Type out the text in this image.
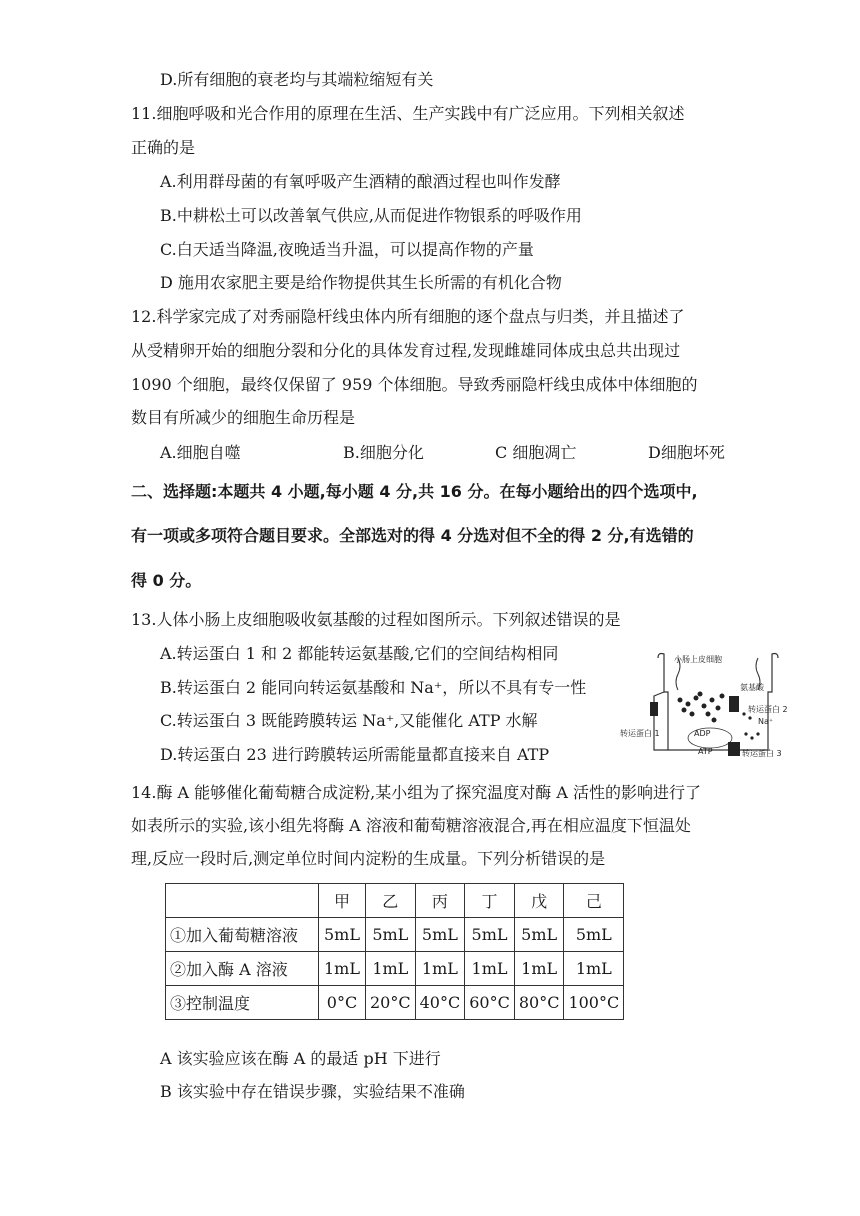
D.所有细胞的衰老均与其端粒缩短有关
11.细胞呼吸和光合作用的原理在生活、生产实践中有广泛应用。下列相关叙述
正确的是
A.利用群母菌的有氧呼吸产生酒精的酿酒过程也叫作发酵
B.中耕松土可以改善氧气供应,从而促进作物银系的呼吸作用
C.白天适当降温,夜晚适当升温，可以提高作物的产量
D 施用农家肥主要是给作物提供其生长所需的有机化合物
12.科学家完成了对秀丽隐杆线虫体内所有细胞的逐个盘点与归类，并且描述了
从受精卵开始的细胞分裂和分化的具体发育过程,发现雌雄同体成虫总共出现过
1090 个细胞，最终仅保留了 959 个体细胞。导致秀丽隐杆线虫成体中体细胞的
数目有所减少的细胞生命历程是
A.细胞自噬	B.细胞分化	C 细胞凋亡	D细胞坏死
二、选择题:本题共 4 小题,每小题 4 分,共 16 分。在每小题给出的四个选项中,
有一项或多项符合题目要求。全部选对的得 4 分选对但不全的得 2 分,有选错的
得 0 分。
13.人体小肠上皮细胞吸收氨基酸的过程如图所示。下列叙述错误的是
A.转运蛋白 1 和 2 都能转运氨基酸,它们的空间结构相同
B.转运蛋白 2 能同向转运氨基酸和 Na⁺，所以不具有专一性
C.转运蛋白 3 既能跨膜转运 Na⁺,又能催化 ATP 水解
D.转运蛋白 23 进行跨膜转运所需能量都直接来自 ATP
小肠上皮细胞
氨基酸
转运蛋白 2
Na⁺
转运蛋白 1	ADP
ATP	转运蛋白 3
14.酶 A 能够催化葡萄糖合成淀粉,某小组为了探究温度对酶 A 活性的影响进行了
如表所示的实验,该小组先将酶 A 溶液和葡萄糖溶液混合,再在相应温度下恒温处
理,反应一段时后,测定单位时间内淀粉的生成量。下列分析错误的是
	甲	乙	丙	丁	戊	己
①加入葡萄糖溶液	5mL	5mL	5mL	5mL	5mL	5mL
②加入酶 A 溶液	1mL	1mL	1mL	1mL	1mL	1mL
③控制温度	0°C	20°C	40°C	60°C	80°C	100°C
A 该实验应该在酶 A 的最适 pH 下进行
B 该实验中存在错误步骤，实验结果不准确
